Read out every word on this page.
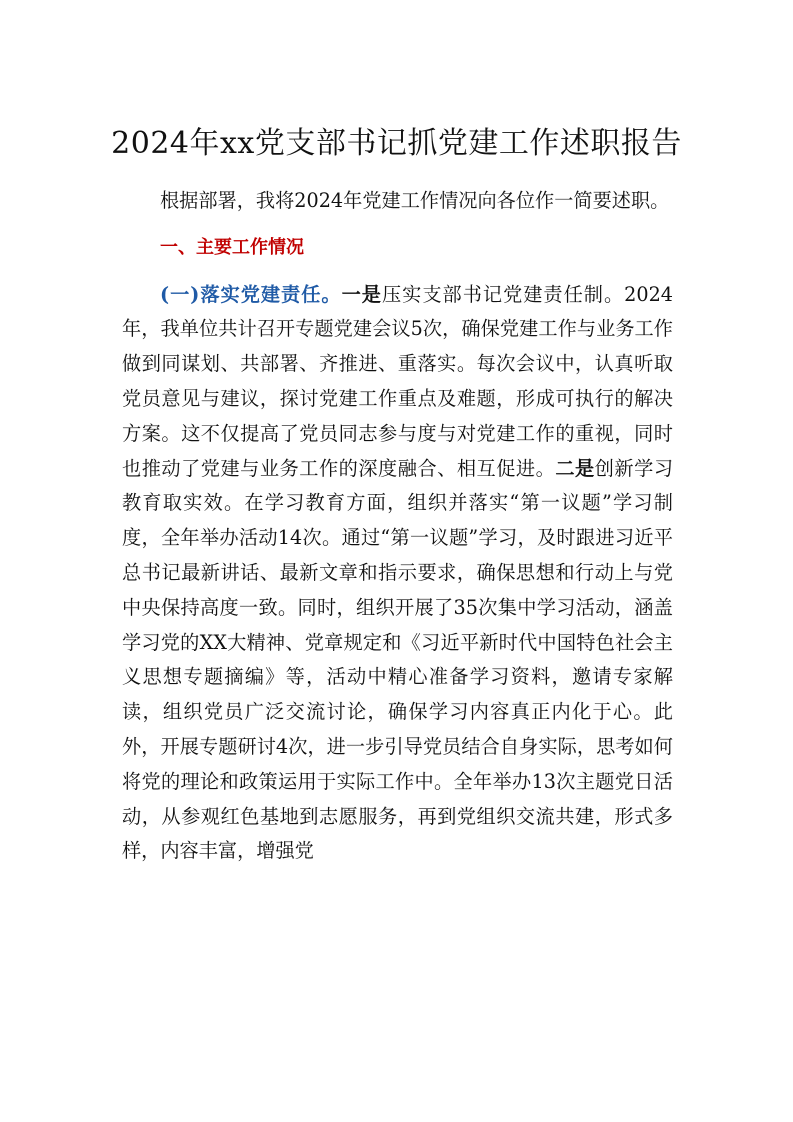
2024年xx党支部书记抓党建工作述职报告

根据部署，我将2024年党建工作情况向各位作一简要述职。

一、主要工作情况

(一)落实党建责任。一是压实支部书记党建责任制。2024年，我单位共计召开专题党建会议5次，确保党建工作与业务工作做到同谋划、共部署、齐推进、重落实。每次会议中，认真听取党员意见与建议，探讨党建工作重点及难题，形成可执行的解决方案。这不仅提高了党员同志参与度与对党建工作的重视，同时也推动了党建与业务工作的深度融合、相互促进。二是创新学习教育取实效。在学习教育方面，组织并落实“第一议题”学习制度，全年举办活动14次。通过“第一议题”学习，及时跟进习近平总书记最新讲话、最新文章和指示要求，确保思想和行动上与党中央保持高度一致。同时，组织开展了35次集中学习活动，涵盖学习党的XX大精神、党章规定和《习近平新时代中国特色社会主义思想专题摘编》等，活动中精心准备学习资料，邀请专家解读，组织党员广泛交流讨论，确保学习内容真正内化于心。此外，开展专题研讨4次，进一步引导党员结合自身实际，思考如何将党的理论和政策运用于实际工作中。全年举办13次主题党日活动，从参观红色基地到志愿服务，再到党组织交流共建，形式多样，内容丰富，增强党
